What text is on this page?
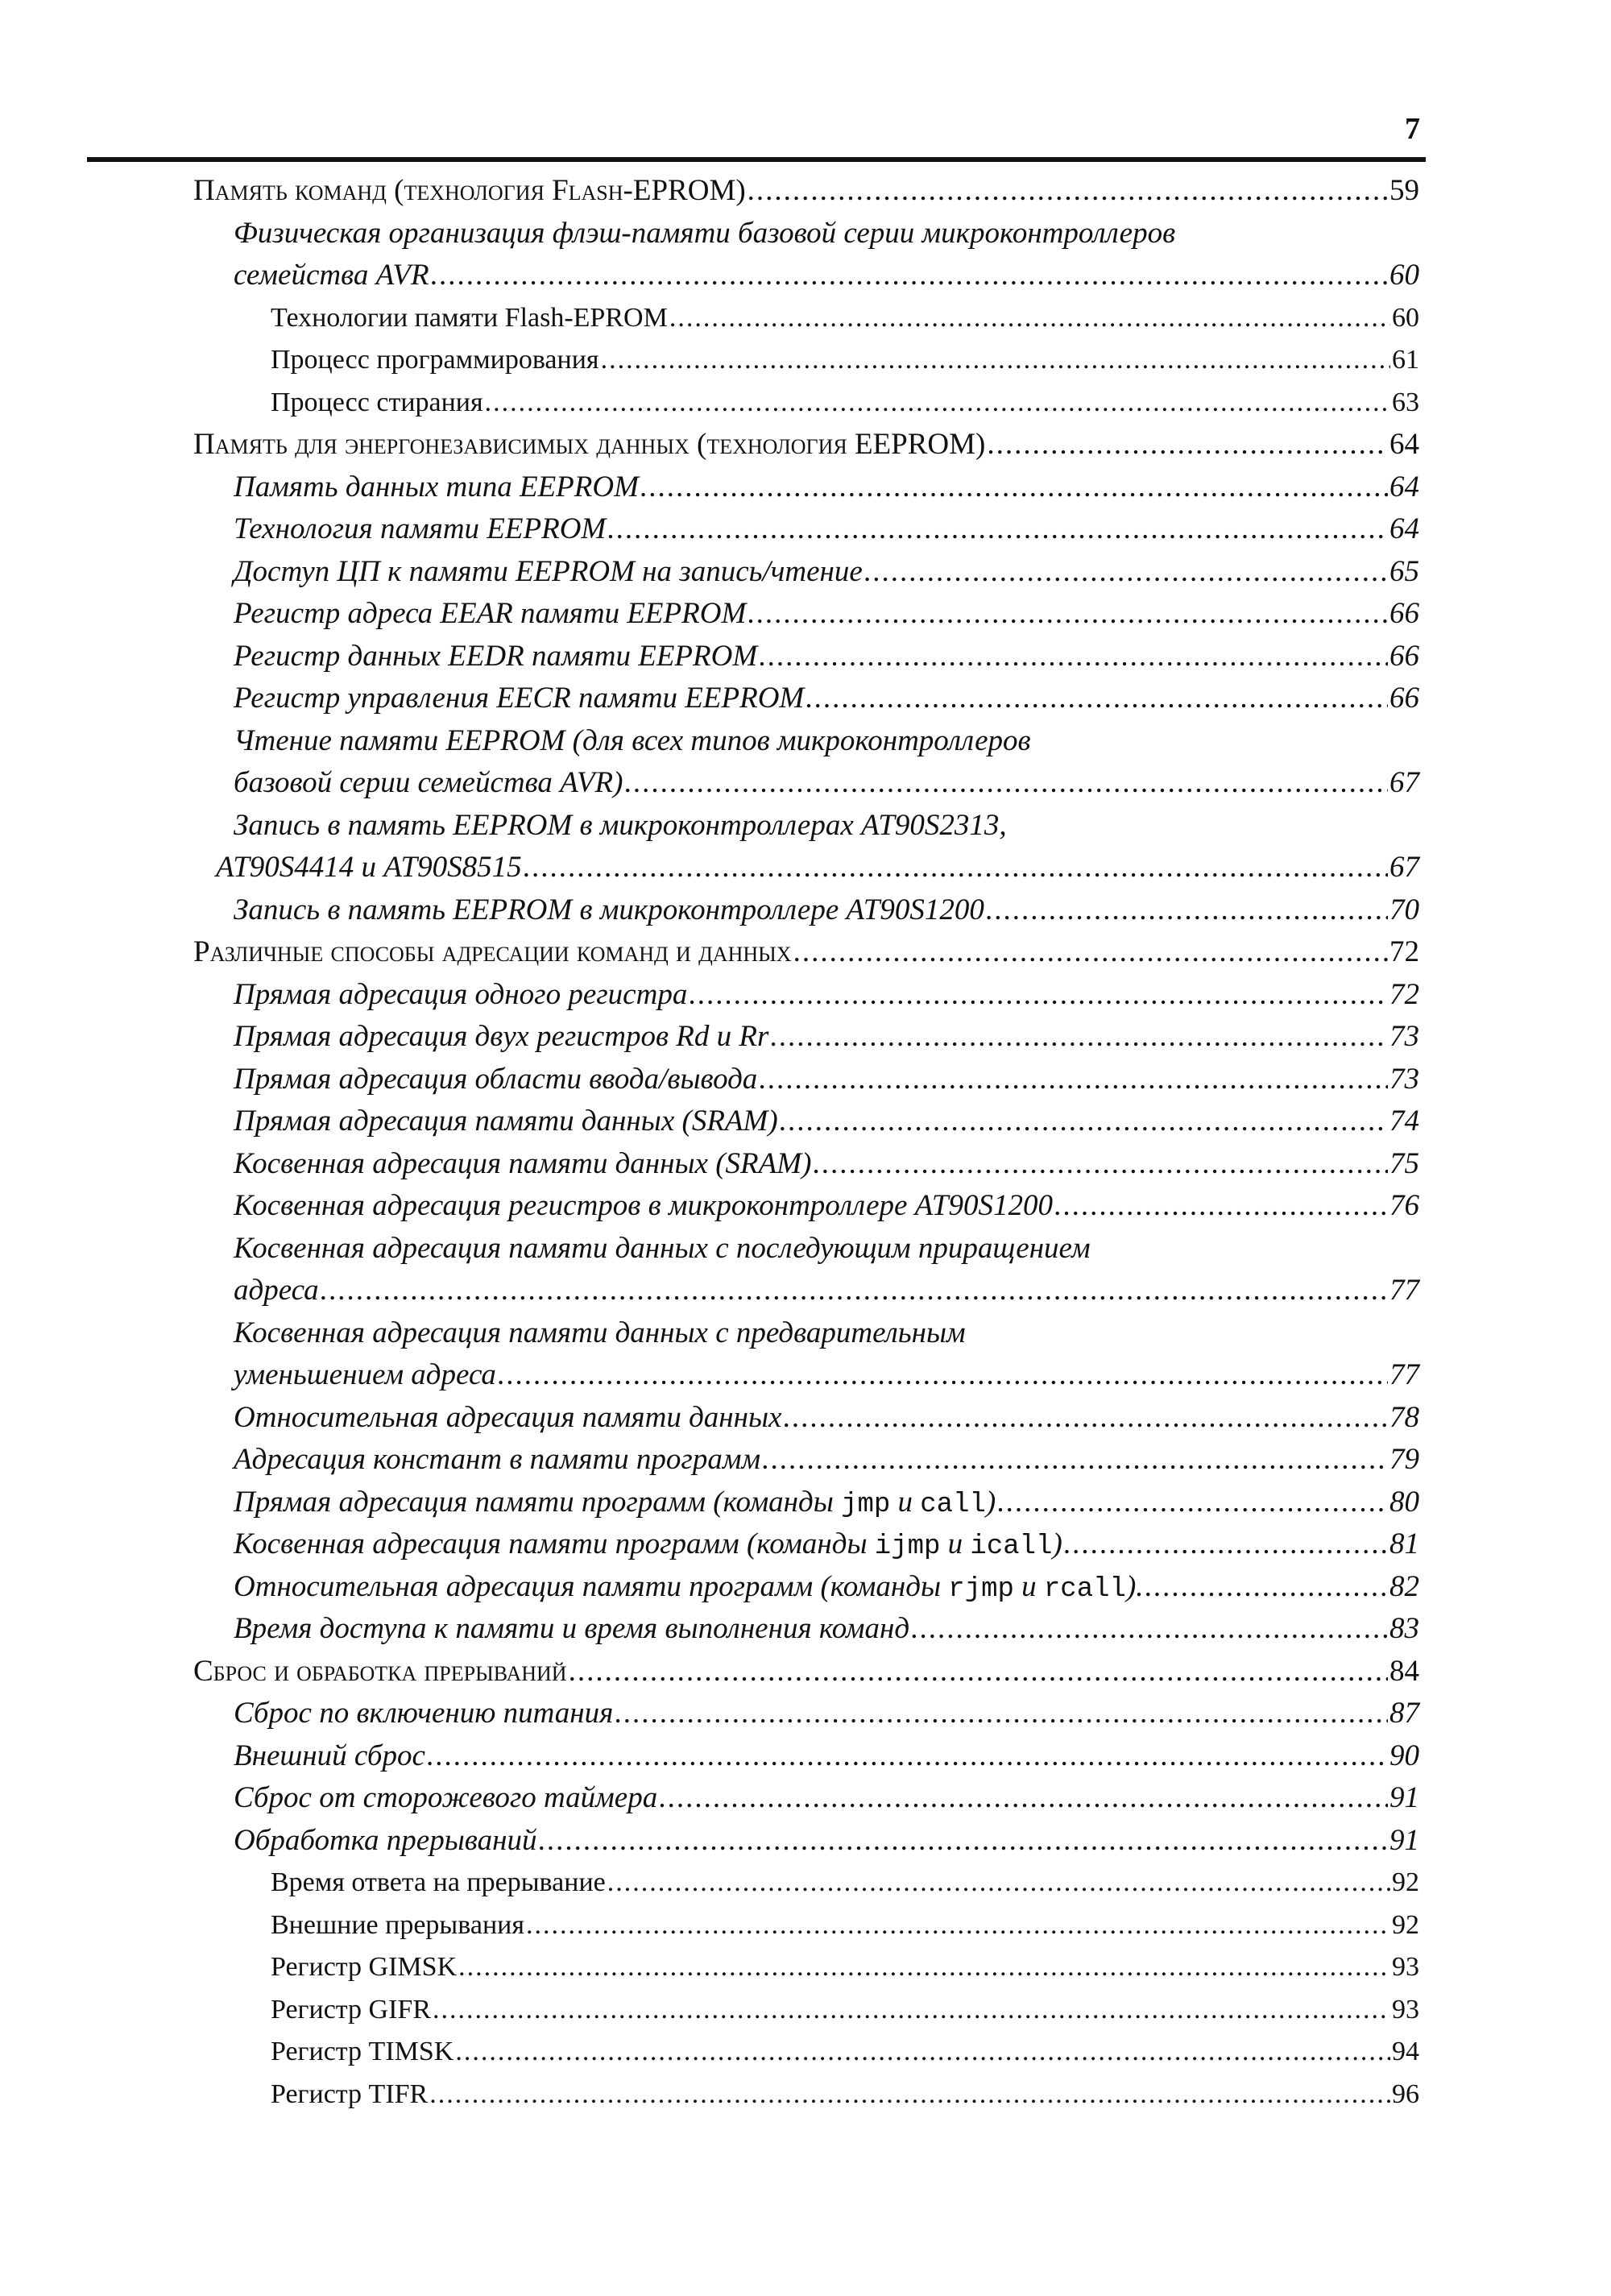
7
Память команд (технология Flash-EPROM) .....	59
Физическая организация флэш-памяти базовой серии микроконтроллеров
семейства AVR .....	60
Технологии памяти Flash-EPROM .....	60
Процесс программирования .....	61
Процесс стирания .....	63
Память для энергонезависимых данных (технология EEPROM) .....	64
Память данных типа EEPROM .....	64
Технология памяти EEPROM .....	64
Доступ ЦП к памяти EEPROM на запись/чтение .....	65
Регистр адреса EEAR памяти EEPROM .....	66
Регистр данных EEDR памяти EEPROM .....	66
Регистр управления EECR памяти EEPROM .....	66
Чтение памяти EEPROM (для всех типов микроконтроллеров
базовой серии семейства AVR) .....	67
Запись в память EEPROM в микроконтроллерах AT90S2313,
AT90S4414 и AT90S8515 .....	67
Запись в память EEPROM в микроконтроллере AT90S1200 .....	70
Различные способы адресации команд и данных .....	72
Прямая адресация одного регистра .....	72
Прямая адресация двух регистров Rd и Rr .....	73
Прямая адресация области ввода/вывода .....	73
Прямая адресация памяти данных (SRAM) .....	74
Косвенная адресация памяти данных (SRAM) .....	75
Косвенная адресация регистров в микроконтроллере AT90S1200 .....	76
Косвенная адресация памяти данных с последующим приращением
адреса .....	77
Косвенная адресация памяти данных с предварительным
уменьшением адреса .....	77
Относительная адресация памяти данных .....	78
Адресация констант в памяти программ .....	79
Прямая адресация памяти программ (команды jmp и call) .....	80
Косвенная адресация памяти программ (команды ijmp и icall) .....	81
Относительная адресация памяти программ (команды rjmp и rcall). .....	82
Время доступа к памяти и время выполнения команд .....	83
Сброс и обработка прерываний .....	84
Сброс по включению питания .....	87
Внешний сброс .....	90
Сброс от сторожевого таймера .....	91
Обработка прерываний .....	91
Время ответа на прерывание .....	92
Внешние прерывания .....	92
Регистр GIMSK .....	93
Регистр GIFR .....	93
Регистр TIMSK .....	94
Регистр TIFR .....	96
